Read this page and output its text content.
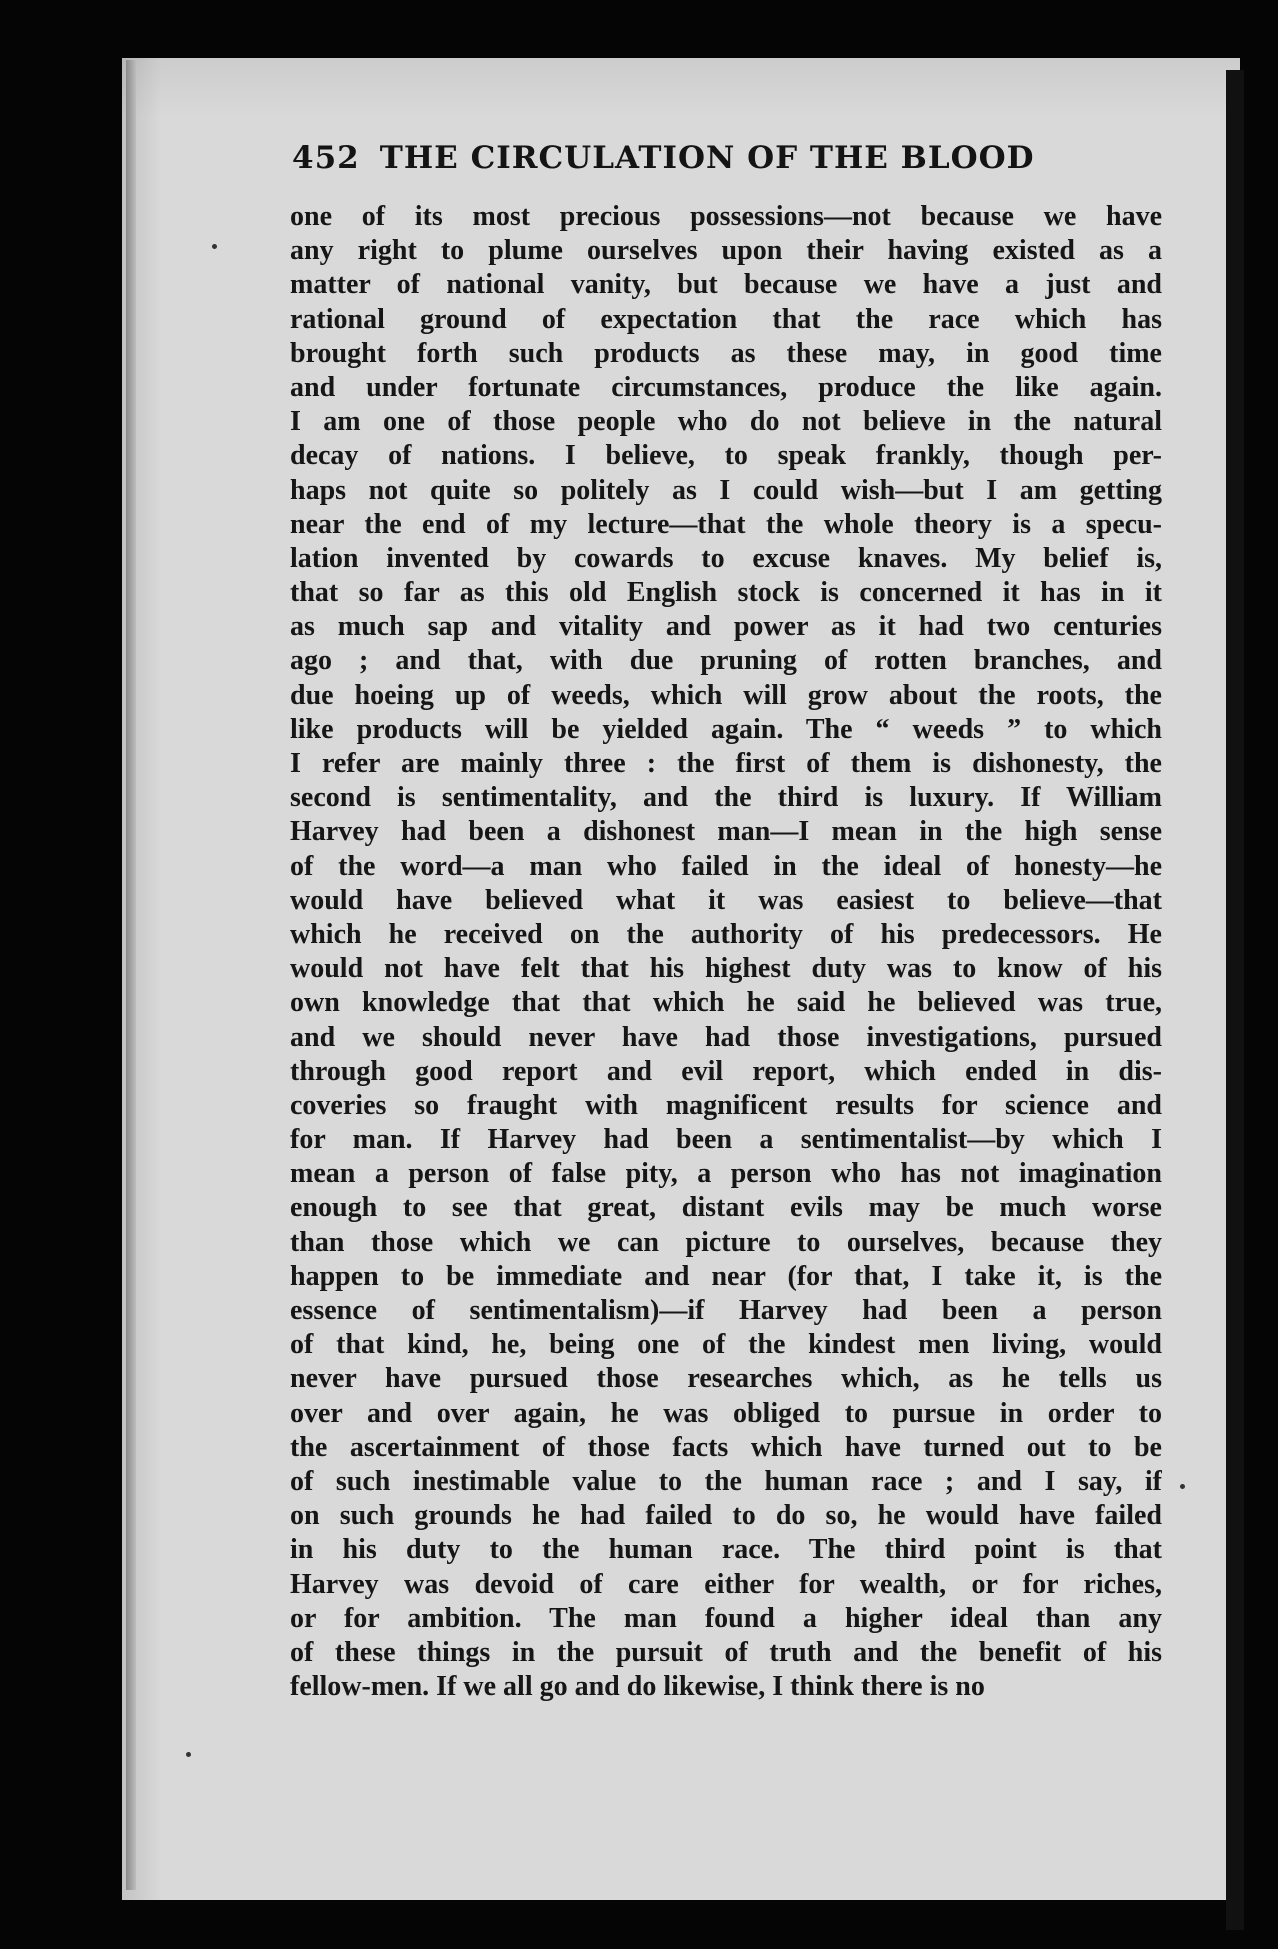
452 THE CIRCULATION OF THE BLOOD
one of its most precious possessions—not because we have
any right to plume ourselves upon their having existed as a
matter of national vanity, but because we have a just and
rational ground of expectation that the race which has
brought forth such products as these may, in good time
and under fortunate circumstances, produce the like again.
I am one of those people who do not believe in the natural
decay of nations. I believe, to speak frankly, though per-
haps not quite so politely as I could wish—but I am getting
near the end of my lecture—that the whole theory is a specu-
lation invented by cowards to excuse knaves. My belief is,
that so far as this old English stock is concerned it has in it
as much sap and vitality and power as it had two centuries
ago ; and that, with due pruning of rotten branches, and
due hoeing up of weeds, which will grow about the roots, the
like products will be yielded again. The “ weeds ” to which
I refer are mainly three : the first of them is dishonesty, the
second is sentimentality, and the third is luxury. If William
Harvey had been a dishonest man—I mean in the high sense
of the word—a man who failed in the ideal of honesty—he
would have believed what it was easiest to believe—that
which he received on the authority of his predecessors. He
would not have felt that his highest duty was to know of his
own knowledge that that which he said he believed was true,
and we should never have had those investigations, pursued
through good report and evil report, which ended in dis-
coveries so fraught with magnificent results for science and
for man. If Harvey had been a sentimentalist—by which I
mean a person of false pity, a person who has not imagination
enough to see that great, distant evils may be much worse
than those which we can picture to ourselves, because they
happen to be immediate and near (for that, I take it, is the
essence of sentimentalism)—if Harvey had been a person
of that kind, he, being one of the kindest men living, would
never have pursued those researches which, as he tells us
over and over again, he was obliged to pursue in order to
the ascertainment of those facts which have turned out to be
of such inestimable value to the human race ; and I say, if
on such grounds he had failed to do so, he would have failed
in his duty to the human race. The third point is that
Harvey was devoid of care either for wealth, or for riches,
or for ambition. The man found a higher ideal than any
of these things in the pursuit of truth and the benefit of his
fellow-men. If we all go and do likewise, I think there is no
